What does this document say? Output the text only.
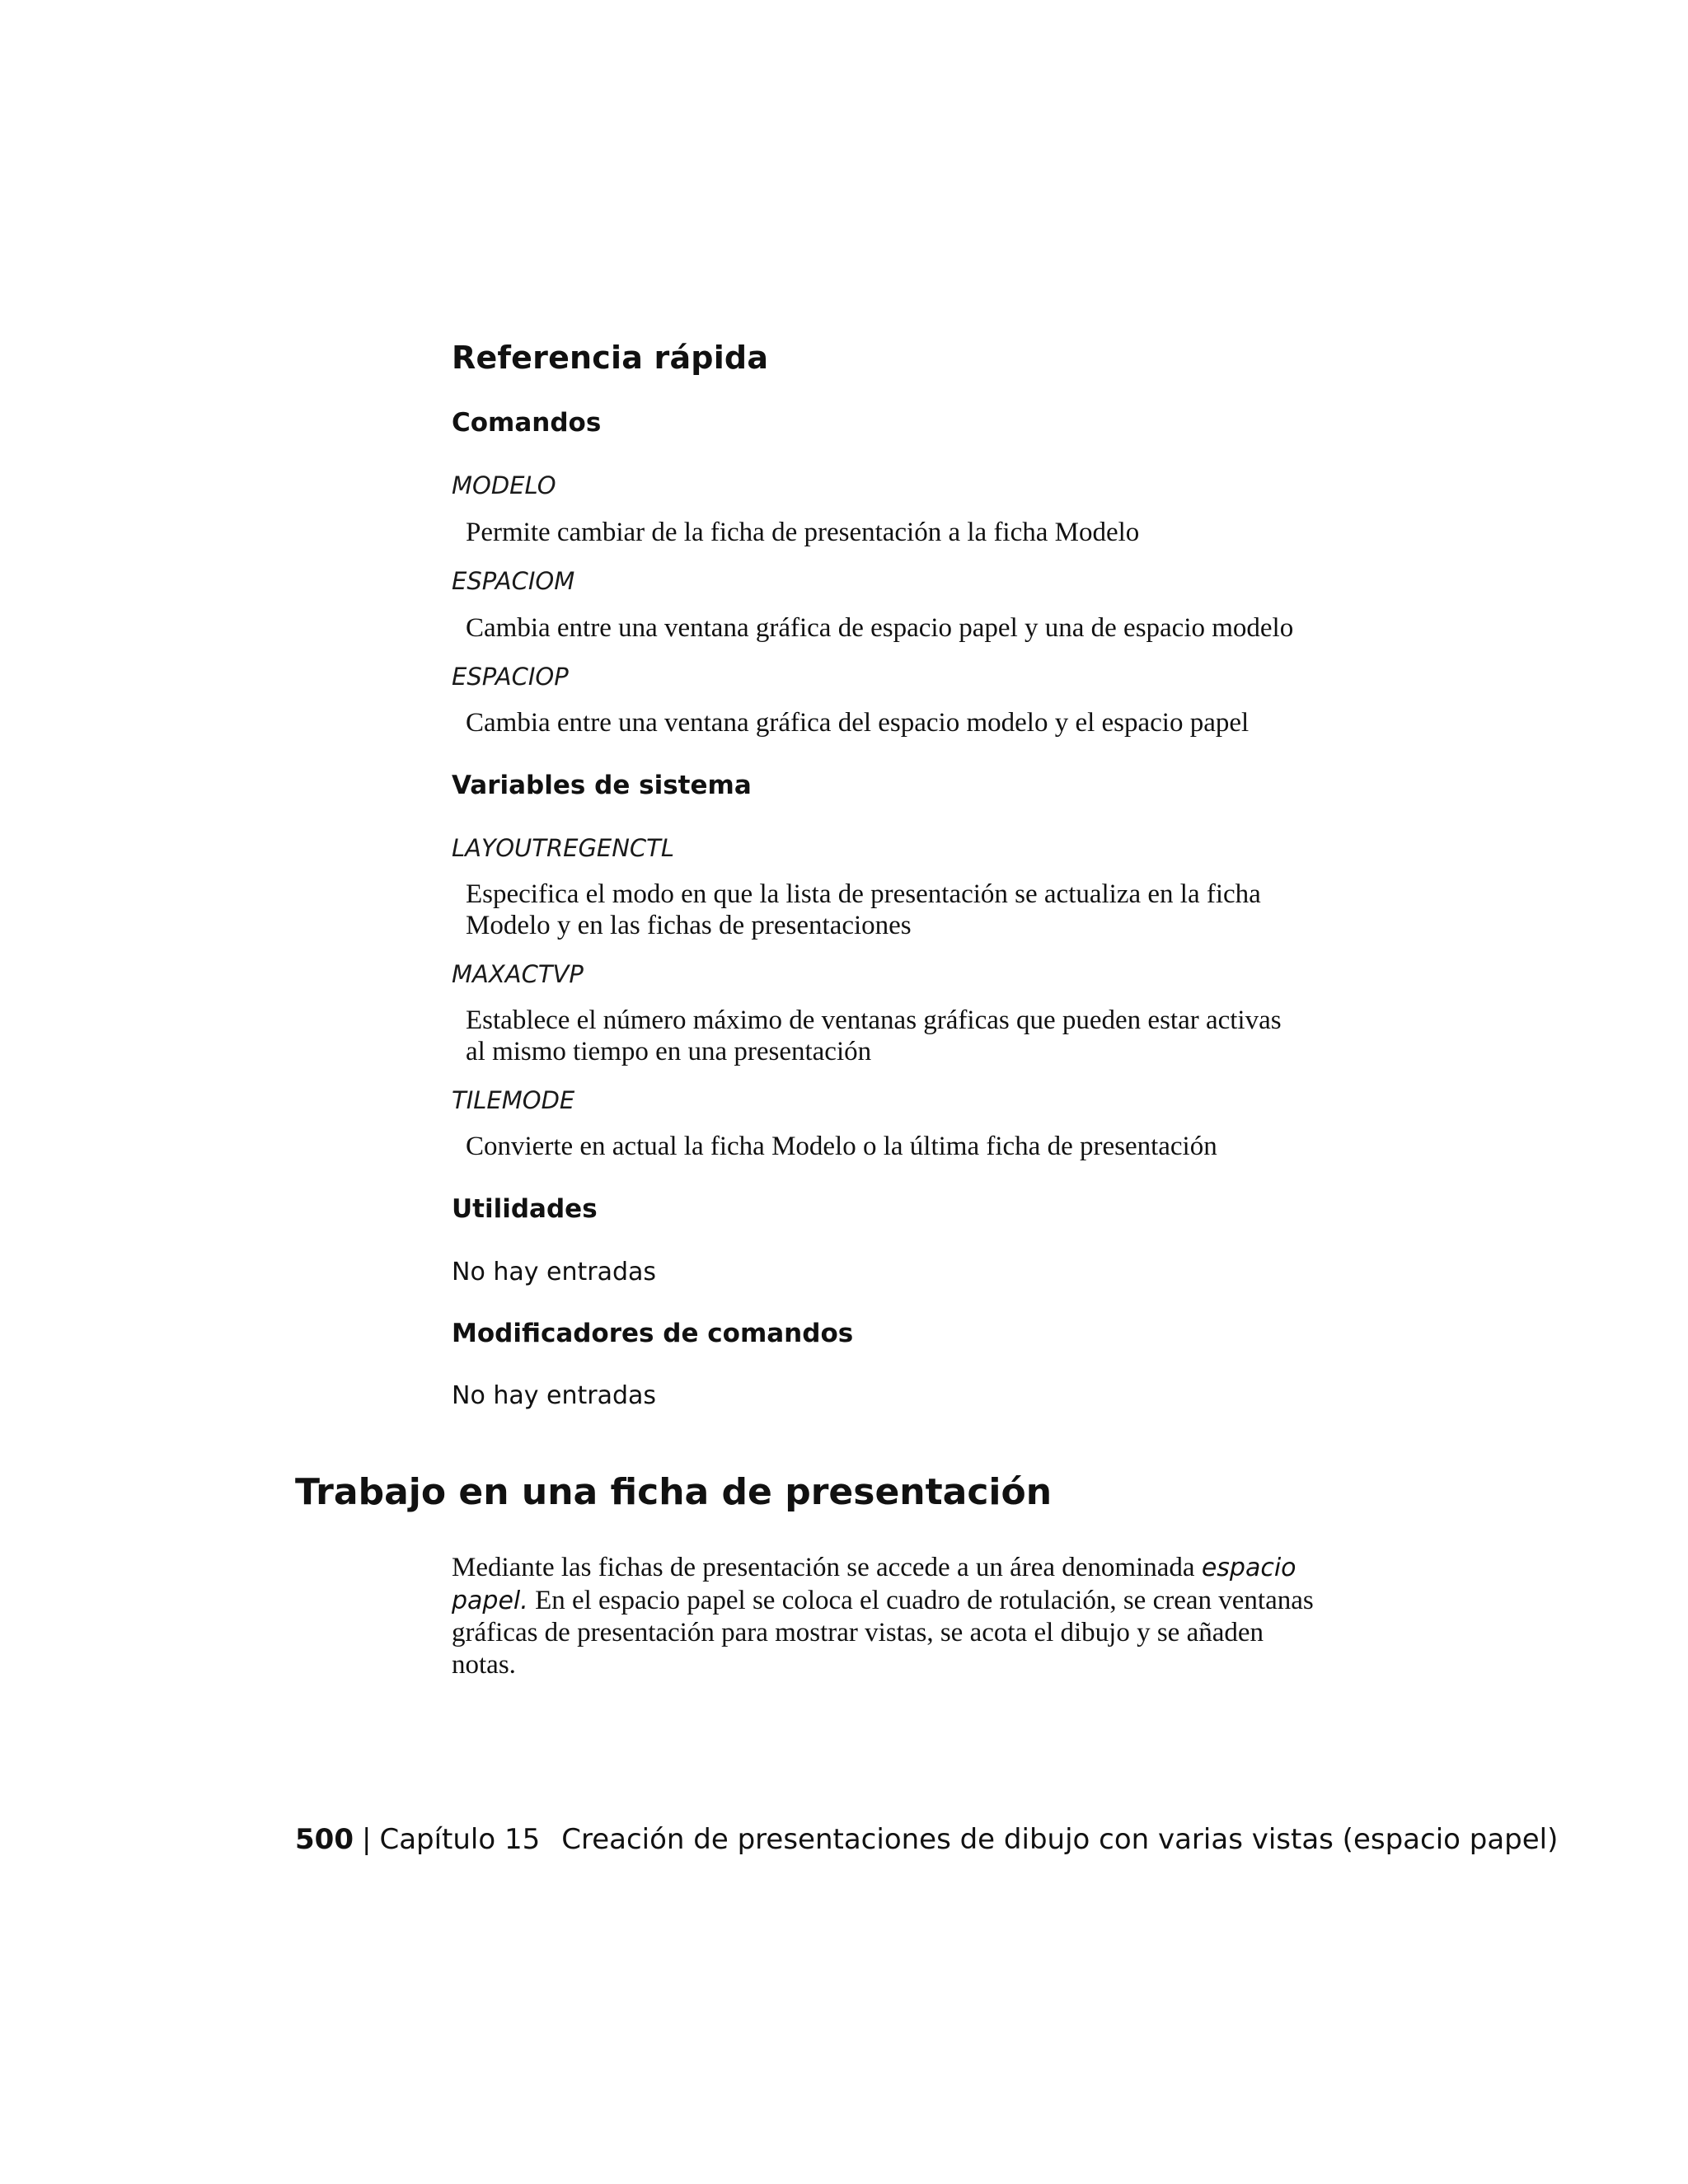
Referencia rápida
Comandos

MODELO

Permite cambiar de la ficha de presentación a la ficha Modelo

ESPACIOM

Cambia entre una ventana gráfica de espacio papel y una de espacio modelo

ESPACIOP

Cambia entre una ventana gráfica del espacio modelo y el espacio papel

Variables de sistema

LAYOUTREGENCTL

Especifica el modo en que la lista de presentación se actualiza en la ficha
Modelo y en las fichas de presentaciones

MAXACTVP

Establece el número máximo de ventanas gráficas que pueden estar activas
al mismo tiempo en una presentación

TILEMODE

Convierte en actual la ficha Modelo o la última ficha de presentación

Utilidades

No hay entradas

Modificadores de comandos

No hay entradas

Trabajo en una ficha de presentación

Mediante las fichas de presentación se accede a un área denominada espacio
papel. En el espacio papel se coloca el cuadro de rotulación, se crean ventanas
gráficas de presentación para mostrar vistas, se acota el dibujo y se añaden
notas.

500 | Capítulo 15 Creación de presentaciones de dibujo con varias vistas (espacio papel)
